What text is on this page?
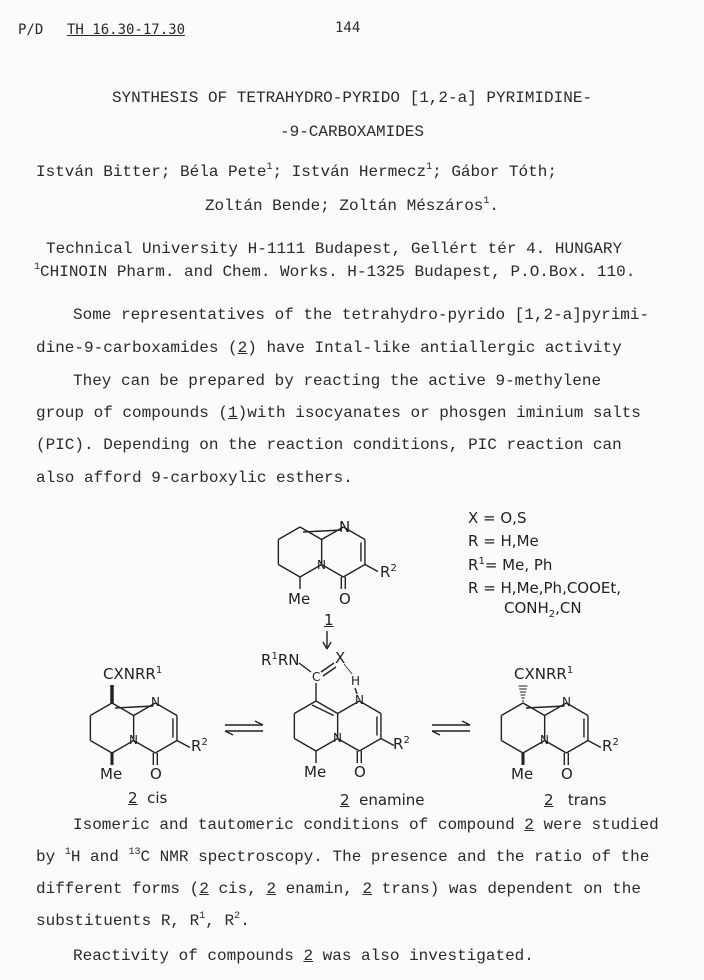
P/D TH 16.30-17.30	144
SYNTHESIS OF TETRAHYDRO-PYRIDO [1,2-a] PYRIMIDINE-
-9-CARBOXAMIDES
István Bitter; Béla Pete$^1$; István Hermecz$^1$; Gábor Tóth;
Zoltán Bende; Zoltán Mészáros$^1$.
Technical University H-1111 Budapest, Gellért tér 4. HUNGARY
$^1$CHINOIN Pharm. and Chem. Works. H-1325 Budapest, P.O.Box. 110.
Some representatives of the tetrahydro-pyrido [1,2-a]pyrimi-
dine-9-carboxamides (2) have Intal-like antiallergic activity
They can be prepared by reacting the active 9-methylene
group of compounds (1)with isocyanates or phosgen iminium salts
(PIC). Depending on the reaction conditions, PIC reaction can
also afford 9-carboxylic esthers.
X = O,S
R = H,Me
$R^1= Me$, Ph
R = H,Me,Ph,COOEt,
$CONH_2,CN$
N
N	$R^2$
Me O
1
CXNRR$^1$
N
N	$R^2$
Me O
$R^1RN$
C
X
H
N
N	$R^2$
Me O
CXNRR$^1$
N
N	$R^2$
Me O
2 cis	2 enamine	2 trans
Isomeric and tautomeric conditions of compound 2 were studied
by $^1$H and $^{13}$C NMR spectroscopy. The presence and the ratio of the
different forms (2 cis, 2 enamin, 2 trans) was dependent on the
substituents R, $R^1$, $R^2$.
Reactivity of compounds 2 was also investigated.
